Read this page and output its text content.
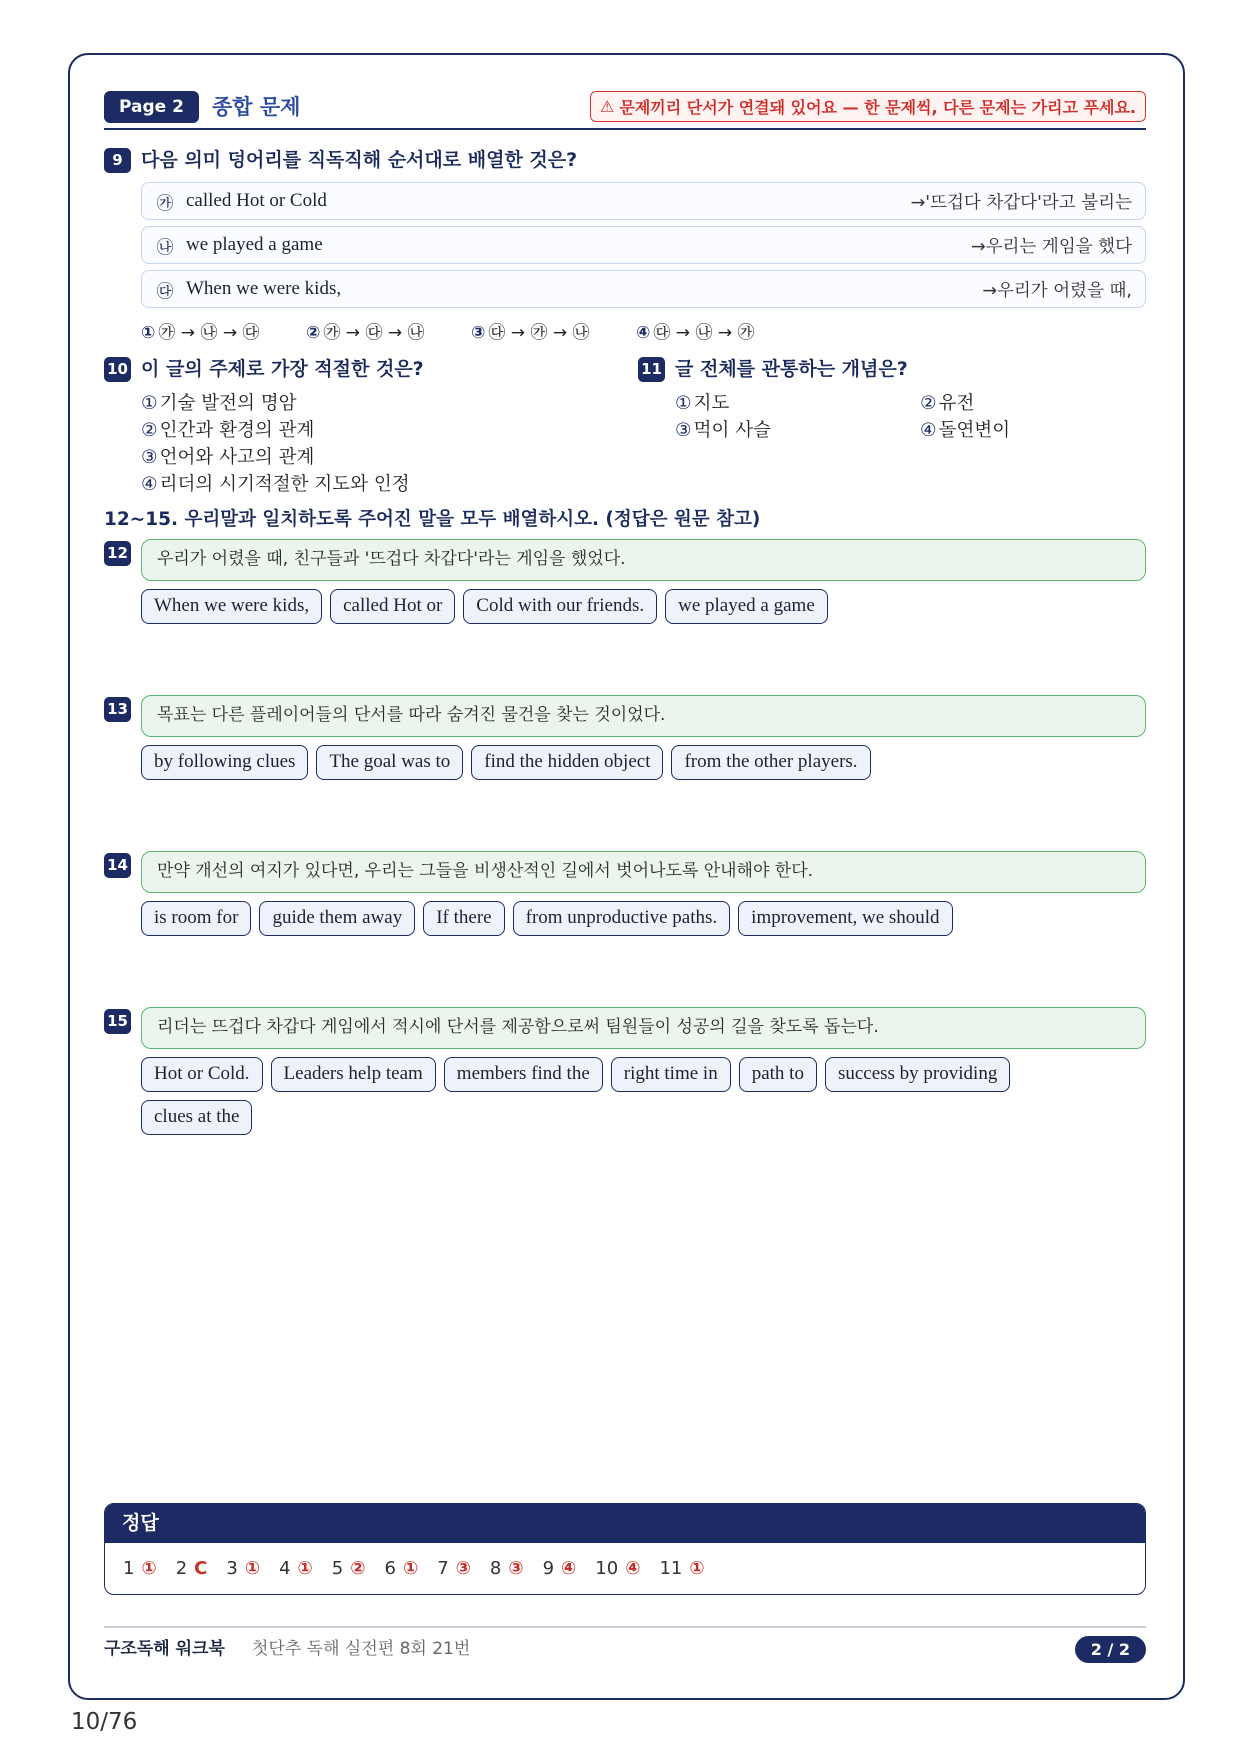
Page 2	종합 문제
⚠	문제끼리 단서가 연결돼 있어요 — 한 문제씩, 다른 문제는 가리고 푸세요.
9 다음 의미 덩어리를 직독직해 순서대로 배열한 것은?
㉮ called Hot or Cold	→'뜨겁다 차갑다'라고 불리는
㉯ we played a game	→우리는 게임을 했다
㉰ When we were kids,	→우리가 어렸을 때,
① ㉮ → ㉯ → ㉰	② ㉮ → ㉰ → ㉯	③ ㉰ → ㉮ → ㉯	④ ㉰ → ㉯ → ㉮
10 이 글의 주제로 가장 적절한 것은?
① 기술 발전의 명암
② 인간과 환경의 관계
③ 언어와 사고의 관계
④ 리더의 시기적절한 지도와 인정
11 글 전체를 관통하는 개념은?
① 지도	② 유전
③ 먹이 사슬	④ 돌연변이
12~15. 우리말과 일치하도록 주어진 말을 모두 배열하시오. (정답은 원문 참고)
12	우리가 어렸을 때, 친구들과 '뜨겁다 차갑다'라는 게임을 했었다.
When we were kids,	called Hot or	Cold with our friends.	we played a game
13	목표는 다른 플레이어들의 단서를 따라 숨겨진 물건을 찾는 것이었다.
by following clues	The goal was to	find the hidden object	from the other players.
14	만약 개선의 여지가 있다면, 우리는 그들을 비생산적인 길에서 벗어나도록 안내해야 한다.
is room for	guide them away	If there	from unproductive paths.	improvement, we should
15	리더는 뜨겁다 차갑다 게임에서 적시에 단서를 제공함으로써 팀원들이 성공의 길을 찾도록 돕는다.
Hot or Cold.	Leaders help team	members find the	right time in	path to	success by providing
clues at the
정답
1 ① 2 C 3 ① 4 ① 5 ② 6 ① 7 ③ 8 ③ 9 ④ 10 ④ 11 ①
구조독해 워크북 첫단추 독해 실전편 8회 21번	2 / 2
10/76
